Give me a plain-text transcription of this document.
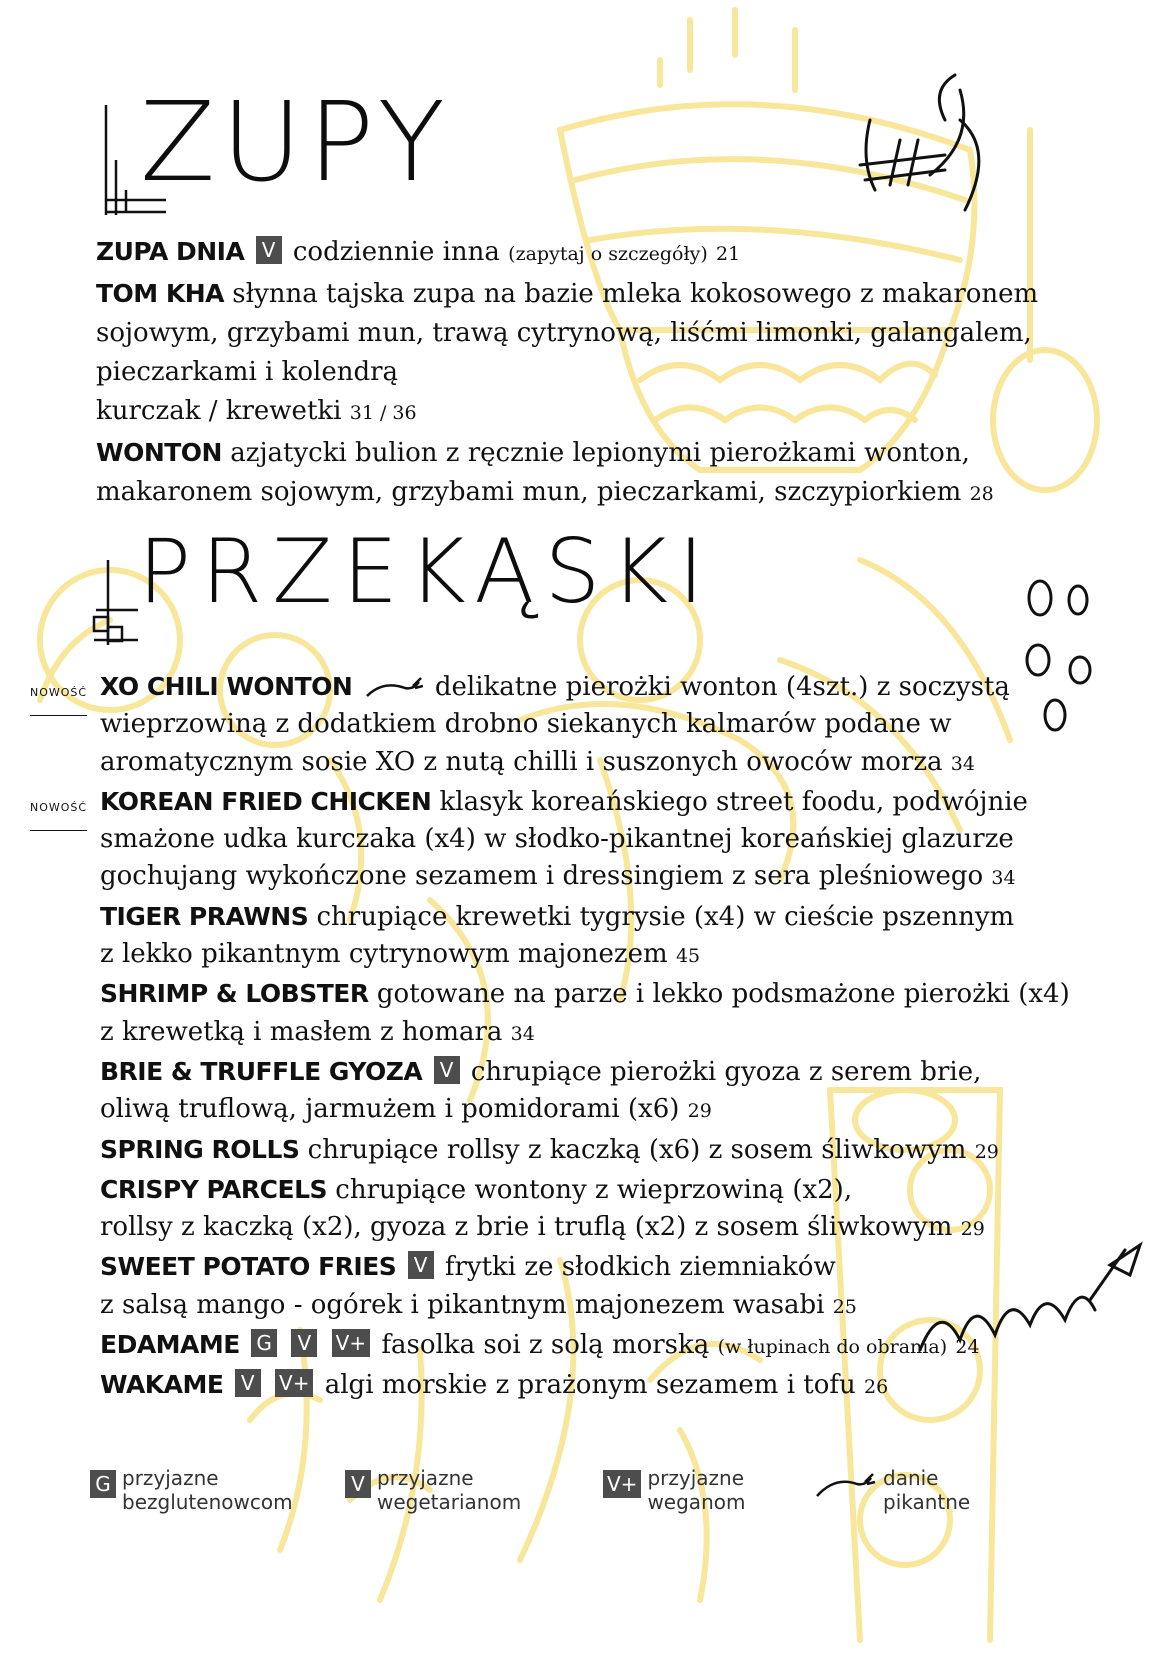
ZUPY
ZUPA DNIA V codziennie inna (zapytaj o szczegóły) 21
TOM KHA słynna tajska zupa na bazie mleka kokosowego z makaronem
sojowym, grzybami mun, trawą cytrynową, liśćmi limonki, galangalem,
pieczarkami i kolendrą
kurczak / krewetki 31 / 36
WONTON azjatycki bulion z ręcznie lepionymi pierożkami wonton,
makaronem sojowym, grzybami mun, pieczarkami, szczypiorkiem 28
PRZEKĄSKI
NOWOŚĆ XO CHILI WONTON	delikatne pierożki wonton (4szt.) z soczystą
wieprzowiną z dodatkiem drobno siekanych kalmarów podane w
aromatycznym sosie XO z nutą chilli i suszonych owoców morza 34
NOWOŚĆ KOREAN FRIED CHICKEN klasyk koreańskiego street foodu, podwójnie
smażone udka kurczaka (x4) w słodko-pikantnej koreańskiej glazurze
gochujang wykończone sezamem i dressingiem z sera pleśniowego 34
TIGER PRAWNS chrupiące krewetki tygrysie (x4) w cieście pszennym
z lekko pikantnym cytrynowym majonezem 45
SHRIMP & LOBSTER gotowane na parze i lekko podsmażone pierożki (x4)
z krewetką i masłem z homara 34
BRIE & TRUFFLE GYOZA V chrupiące pierożki gyoza z serem brie,
oliwą truflową, jarmużem i pomidorami (x6) 29
SPRING ROLLS chrupiące rollsy z kaczką (x6) z sosem śliwkowym 29
CRISPY PARCELS chrupiące wontony z wieprzowiną (x2),
rollsy z kaczką (x2), gyoza z brie i truflą (x2) z sosem śliwkowym 29
SWEET POTATO FRIES V frytki ze słodkich ziemniaków
z salsą mango - ogórek i pikantnym majonezem wasabi 25
EDAMAME G V V+ fasolka soi z solą morską (w łupinach do obrania) 24
WAKAME V V+ algi morskie z prażonym sezamem i tofu 26
G przyjazne
bezglutenowcom
V przyjazne
wegetarianom
V+ przyjazne
weganom
danie
pikantne
